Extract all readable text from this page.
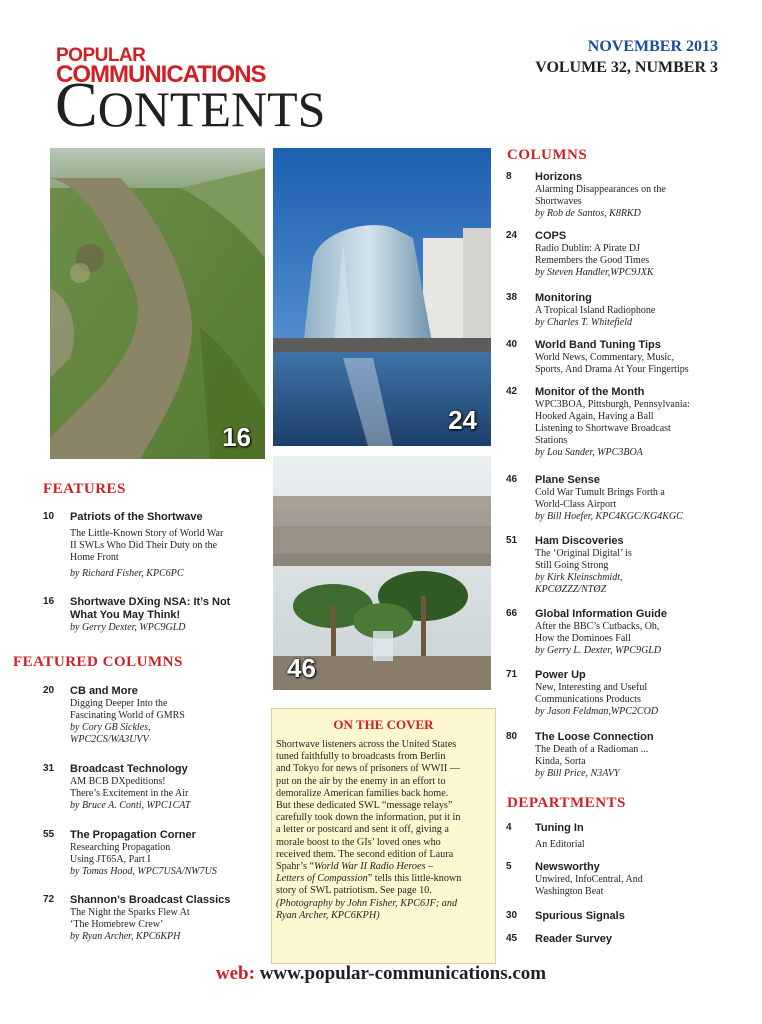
POPULAR
COMMUNICATIONS
CONTENTS
NOVEMBER 2013
VOLUME 32, NUMBER 3
16
24
46
FEATURES
10 Patriots of the Shortwave
The Little-Known Story of World War
II SWLs Who Did Their Duty on the
Home Front
by Richard Fisher, KPC6PC
16 Shortwave DXing NSA: It’s Not
What You May Think!
by Gerry Dexter, WPC9GLD
FEATURED COLUMNS
20 CB and More
Digging Deeper Into the
Fascinating World of GMRS
by Cory GB Sickles,
WPC2CS/WA3UVV
31 Broadcast Technology
AM BCB DXpeditions!
There’s Excitement in the Air
by Bruce A. Conti, WPC1CAT
55 The Propagation Corner
Researching Propagation
Using JT65A, Part I
by Tomas Hood, WPC7USA/NW7US
72 Shannon’s Broadcast Classics
The Night the Sparks Flew At
‘The Homebrew Crew’
by Ryan Archer, KPC6KPH
ON THE COVER
Shortwave listeners across the United States
tuned faithfully to broadcasts from Berlin
and Tokyo for news of prisoners of WWII —
put on the air by the enemy in an effort to
demoralize American families back home.
But these dedicated SWL “message relays”
carefully took down the information, put it in
a letter or postcard and sent it off, giving a
morale boost to the GIs’ loved ones who
received them. The second edition of Laura
Spahr’s “World War II Radio Heroes –
Letters of Compassion” tells this little-known
story of SWL patriotism. See page 10.
(Photography by John Fisher, KPC6JF; and
Ryan Archer, KPC6KPH)
COLUMNS
8 Horizons
Alarming Disappearances on the
Shortwaves
by Rob de Santos, K8RKD
24 COPS
Radio Dublin: A Pirate DJ
Remembers the Good Times
by Steven Handler,WPC9JXK
38 Monitoring
A Tropical Island Radiophone
by Charles T. Whitefield
40 World Band Tuning Tips
World News, Commentary, Music,
Sports, And Drama At Your Fingertips
42 Monitor of the Month
WPC3BOA, Pittsburgh, Pennsylvania:
Hooked Again, Having a Ball
Listening to Shortwave Broadcast
Stations
by Lou Sander, WPC3BOA
46 Plane Sense
Cold War Tumult Brings Forth a
World-Class Airport
by Bill Hoefer, KPC4KGC/KG4KGC
51 Ham Discoveries
The ‘Original Digital’ is
Still Going Strong
by Kirk Kleinschmidt,
KPCØZZZ/NTØZ
66 Global Information Guide
After the BBC’s Cutbacks, Oh,
How the Dominoes Fall
by Gerry L. Dexter, WPC9GLD
71 Power Up
New, Interesting and Useful
Communications Products
by Jason Feldman,WPC2COD
80 The Loose Connection
The Death of a Radioman ...
Kinda, Sorta
by Bill Price, N3AVY
DEPARTMENTS
4 Tuning In
An Editorial
5 Newsworthy
Unwired, InfoCentral, And
Washington Beat
30 Spurious Signals
45 Reader Survey
web: www.popular-communications.com
